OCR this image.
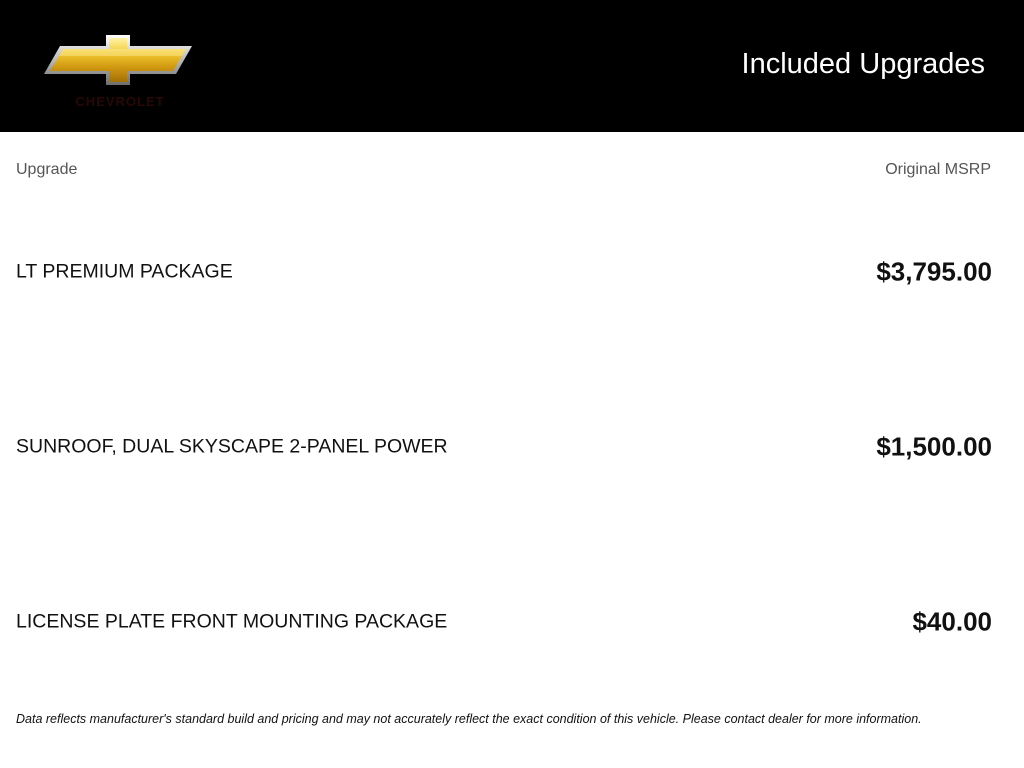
CHEVROLET
Included Upgrades
Upgrade	Original MSRP
LT PREMIUM PACKAGE	$3,795.00
SUNROOF, DUAL SKYSCAPE 2-PANEL POWER	$1,500.00
LICENSE PLATE FRONT MOUNTING PACKAGE	$40.00
Data reflects manufacturer's standard build and pricing and may not accurately reflect the exact condition of this vehicle. Please contact dealer for more information.
